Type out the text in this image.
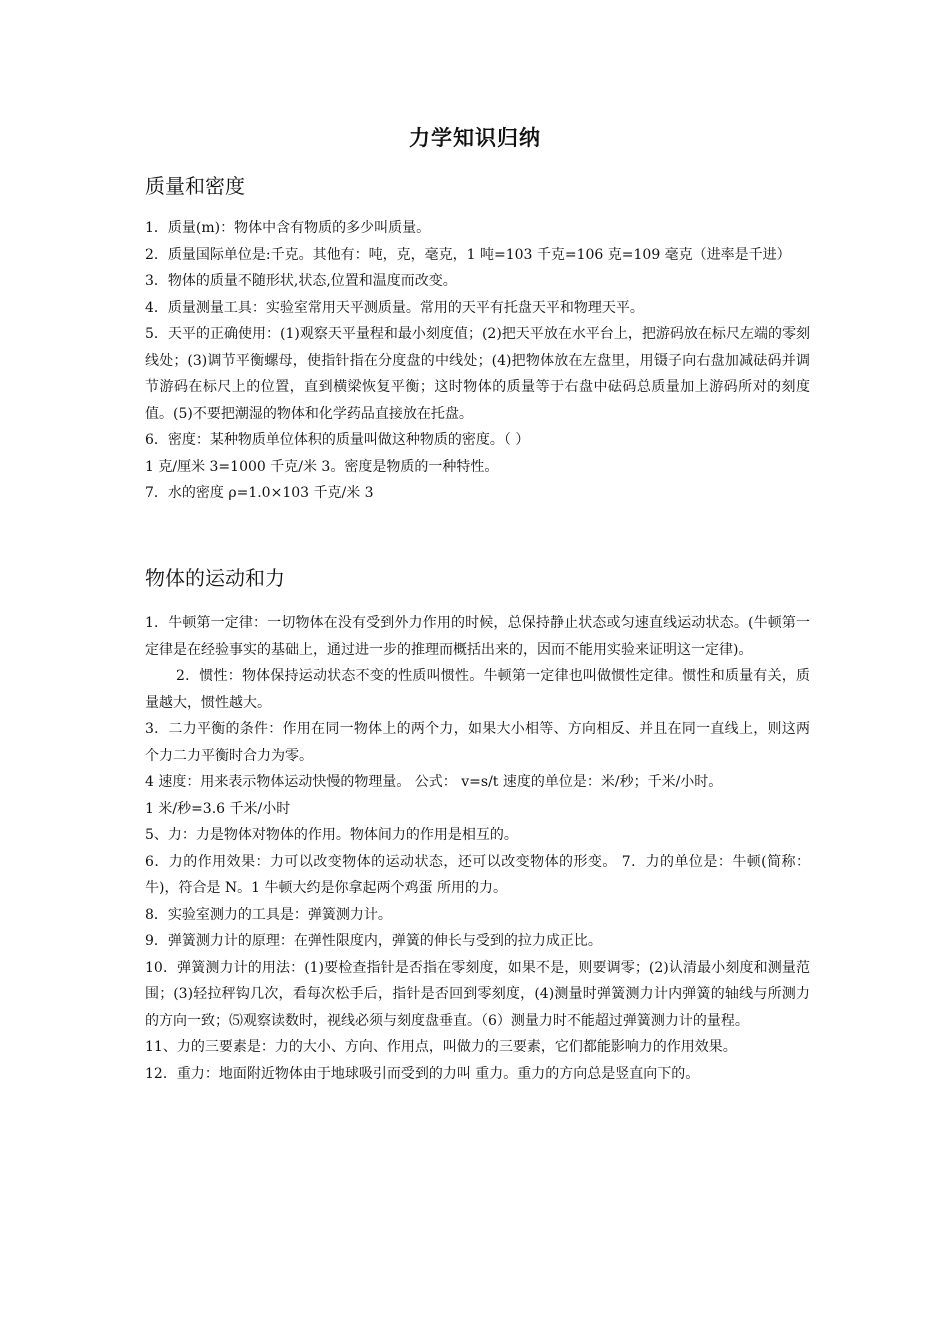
力学知识归纳
质量和密度

1．质量(m)：物体中含有物质的多少叫质量。

2．质量国际单位是:千克。其他有：吨，克，毫克，1 吨=103 千克=106 克=109 毫克（进率是千进）

3．物体的质量不随形状,状态,位置和温度而改变。

4．质量测量工具：实验室常用天平测质量。常用的天平有托盘天平和物理天平。

5．天平的正确使用：(1)观察天平量程和最小刻度值；(2)把天平放在水平台上，把游码放在标尺左端的零刻线处；(3)调节平衡螺母，使指针指在分度盘的中线处；(4)把物体放在左盘里，用镊子向右盘加减砝码并调节游码在标尺上的位置，直到横梁恢复平衡；这时物体的质量等于右盘中砝码总质量加上游码所对的刻度值。(5)不要把潮湿的物体和化学药品直接放在托盘。

6．密度：某种物质单位体积的质量叫做这种物质的密度。（ ）

1 克/厘米 3=1000 千克/米 3。密度是物质的一种特性。

7．水的密度 ρ=1.0×103 千克/米 3

物体的运动和力

1．牛顿第一定律：一切物体在没有受到外力作用的时候，总保持静止状态或匀速直线运动状态。(牛顿第一定律是在经验事实的基础上，通过进一步的推理而概括出来的，因而不能用实验来证明这一定律)。

2．惯性：物体保持运动状态不变的性质叫惯性。牛顿第一定律也叫做惯性定律。惯性和质量有关，质量越大，惯性越大。

3．二力平衡的条件：作用在同一物体上的两个力，如果大小相等、方向相反、并且在同一直线上，则这两个力二力平衡时合力为零。

4 速度：用来表示物体运动快慢的物理量。 公式： v=s/t 速度的单位是：米/秒；千米/小时。

1 米/秒=3.6 千米/小时

5、力：力是物体对物体的作用。物体间力的作用是相互的。

6．力的作用效果：力可以改变物体的运动状态，还可以改变物体的形变。 7．力的单位是：牛顿(简称：牛)，符合是 N。1 牛顿大约是你拿起两个鸡蛋 所用的力。

8．实验室测力的工具是：弹簧测力计。

9．弹簧测力计的原理：在弹性限度内，弹簧的伸长与受到的拉力成正比。

10．弹簧测力计的用法：(1)要检查指针是否指在零刻度，如果不是，则要调零；(2)认清最小刻度和测量范围；(3)轻拉秤钩几次，看每次松手后，指针是否回到零刻度，(4)测量时弹簧测力计内弹簧的轴线与所测力的方向一致；⑸观察读数时，视线必须与刻度盘垂直。（6）测量力时不能超过弹簧测力计的量程。

11、力的三要素是：力的大小、方向、作用点，叫做力的三要素，它们都能影响力的作用效果。

12．重力：地面附近物体由于地球吸引而受到的力叫 重力。重力的方向总是竖直向下的。
